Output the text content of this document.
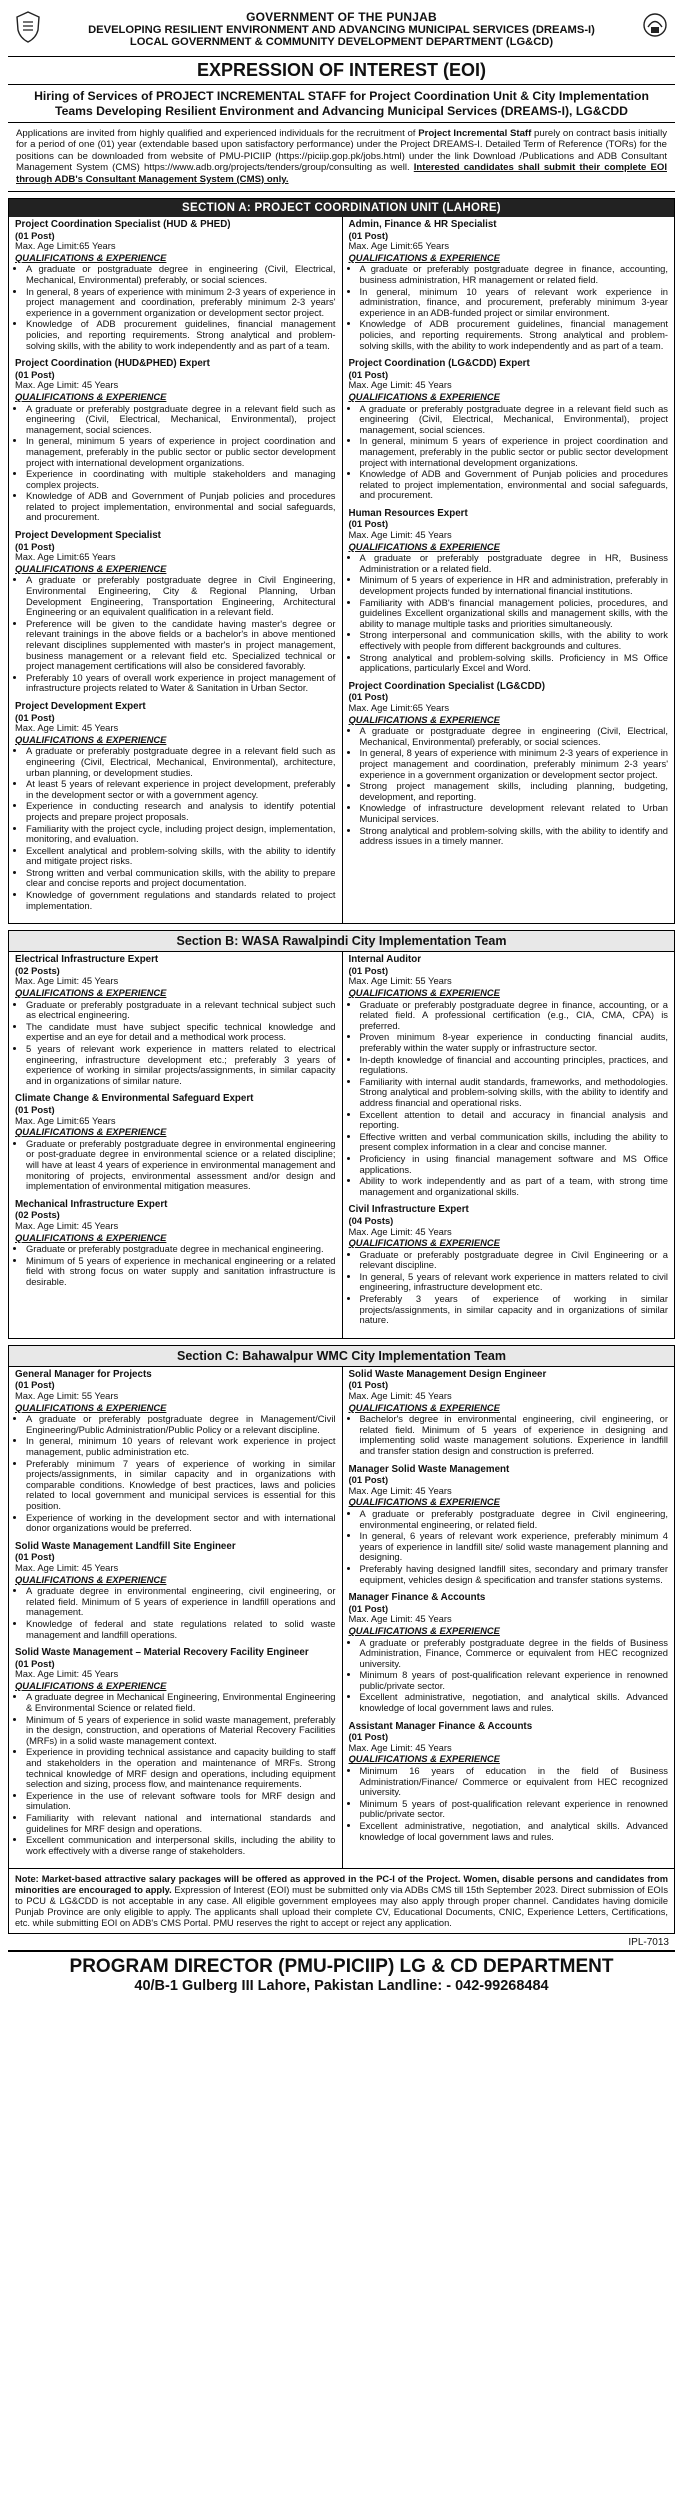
GOVERNMENT OF THE PUNJAB
DEVELOPING RESILIENT ENVIRONMENT AND ADVANCING MUNICIPAL SERVICES (DREAMS-I)
LOCAL GOVERNMENT & COMMUNITY DEVELOPMENT DEPARTMENT (LG&CD)
EXPRESSION OF INTEREST (EOI)
Hiring of Services of PROJECT INCREMENTAL STAFF for Project Coordination Unit & City Implementation Teams Developing Resilient Environment and Advancing Municipal Services (DREAMS-I), LG&CDD
Applications are invited from highly qualified and experienced individuals for the recruitment of Project Incremental Staff purely on contract basis initially for a period of one (01) year (extendable based upon satisfactory performance) under the Project DREAMS-I. Detailed Term of Reference (TORs) for the positions can be downloaded from website of PMU-PICIIP (https://piciip.gop.pk/jobs.html) under the link Download /Publications and ADB Consultant Management System (CMS) https://www.adb.org/projects/tenders/group/consulting as well. Interested candidates shall submit their complete EOI through ADB's Consultant Management System (CMS) only.
SECTION A: PROJECT COORDINATION UNIT (LAHORE)
Project Coordination Specialist (HUD & PHED)
(01 Post)
Max. Age Limit:65 Years
QUALIFICATIONS & EXPERIENCE
• A graduate or postgraduate degree in engineering (Civil, Electrical, Mechanical, Environmental) preferably, or social sciences.
• In general, 8 years of experience with minimum 2-3 years of experience in project management and coordination, preferably minimum 2-3 years' experience in a government organization or development sector project.
• Knowledge of ADB procurement guidelines, financial management policies, and reporting requirements. Strong analytical and problem-solving skills, with the ability to work independently and as part of a team.
Project Coordination (HUD&PHED) Expert
(01 Post)
Max. Age Limit: 45 Years
QUALIFICATIONS & EXPERIENCE
• A graduate or preferably postgraduate degree in a relevant field such as engineering (Civil, Electrical, Mechanical, Environmental), project management, social sciences.
• In general, minimum 5 years of experience in project coordination and management, preferably in the public sector or public sector development project with international development organizations.
• Experience in coordinating with multiple stakeholders and managing complex projects.
• Knowledge of ADB and Government of Punjab policies and procedures related to project implementation, environmental and social safeguards, and procurement.
Project Development Specialist
(01 Post)
Max. Age Limit:65 Years
QUALIFICATIONS & EXPERIENCE
• A graduate or preferably postgraduate degree in Civil Engineering, Environmental Engineering, City & Regional Planning, Urban Development Engineering, Transportation Engineering, Architectural Engineering or an equivalent qualification in a relevant field.
• Preference will be given to the candidate having master's degree or relevant trainings in the above fields or a bachelor's in above mentioned relevant disciplines supplemented with master's in project management, business management or a relevant field etc. Specialized technical or project management certifications will also be considered favorably.
• Preferably 10 years of overall work experience in project management of infrastructure projects related to Water & Sanitation in Urban Sector.
Project Development Expert
(01 Post)
Max. Age Limit: 45 Years
QUALIFICATIONS & EXPERIENCE
• A graduate or preferably postgraduate degree in a relevant field such as engineering (Civil, Electrical, Mechanical, Environmental), architecture, urban planning, or development studies.
• At least 5 years of relevant experience in project development, preferably in the development sector or with a government agency.
• Experience in conducting research and analysis to identify potential projects and prepare project proposals.
• Familiarity with the project cycle, including project design, implementation, monitoring, and evaluation.
• Excellent analytical and problem-solving skills, with the ability to identify and mitigate project risks.
• Strong written and verbal communication skills, with the ability to prepare clear and concise reports and project documentation.
• Knowledge of government regulations and standards related to project implementation.
Admin, Finance & HR Specialist
(01 Post)
Max. Age Limit:65 Years
QUALIFICATIONS & EXPERIENCE
• A graduate or preferably postgraduate degree in finance, accounting, business administration, HR management or related field.
• In general, minimum 10 years of relevant work experience in administration, finance, and procurement, preferably minimum 3-year experience in an ADB-funded project or similar environment.
• Knowledge of ADB procurement guidelines, financial management policies, and reporting requirements. Strong analytical and problem-solving skills, with the ability to work independently and as part of a team.
Project Coordination (LG&CDD) Expert
(01 Post)
Max. Age Limit: 45 Years
QUALIFICATIONS & EXPERIENCE
• A graduate or preferably postgraduate degree in a relevant field such as engineering (Civil, Electrical, Mechanical, Environmental), project management, social sciences.
• In general, minimum 5 years of experience in project coordination and management, preferably in the public sector or public sector development project with international development organizations.
• Knowledge of ADB and Government of Punjab policies and procedures related to project implementation, environmental and social safeguards, and procurement.
Human Resources Expert
(01 Post)
Max. Age Limit: 45 Years
QUALIFICATIONS & EXPERIENCE
• A graduate or preferably postgraduate degree in HR, Business Administration or a related field.
• Minimum of 5 years of experience in HR and administration, preferably in development projects funded by international financial institutions.
• Familiarity with ADB's financial management policies, procedures, and guidelines Excellent organizational skills and management skills, with the ability to manage multiple tasks and priorities simultaneously.
• Strong interpersonal and communication skills, with the ability to work effectively with people from different backgrounds and cultures.
• Strong analytical and problem-solving skills. Proficiency in MS Office applications, particularly Excel and Word.
Project Coordination Specialist (LG&CDD)
(01 Post)
Max. Age Limit:65 Years
QUALIFICATIONS & EXPERIENCE
• A graduate or postgraduate degree in engineering (Civil, Electrical, Mechanical, Environmental) preferably, or social sciences.
• In general, 8 years of experience with minimum 2-3 years of experience in project management and coordination, preferably minimum 2-3 years' experience in a government organization or development sector project.
• Strong project management skills, including planning, budgeting, development, and reporting.
• Knowledge of infrastructure development relevant related to Urban Municipal services.
• Strong analytical and problem-solving skills, with the ability to identify and address issues in a timely manner.
Section B: WASA Rawalpindi City Implementation Team
Electrical Infrastructure Expert
(02 Posts)
Max. Age Limit: 45 Years
QUALIFICATIONS & EXPERIENCE
• Graduate or preferably postgraduate in a relevant technical subject such as electrical engineering.
• The candidate must have subject specific technical knowledge and expertise and an eye for detail and a methodical work process.
• 5 years of relevant work experience in matters related to electrical engineering, infrastructure development etc.; preferably 3 years of experience of working in similar projects/assignments, in similar capacity and in organizations of similar nature.
Climate Change & Environmental Safeguard Expert
(01 Post)
Max. Age Limit:65 Years
QUALIFICATIONS & EXPERIENCE
• Graduate or preferably postgraduate degree in environmental engineering or post-graduate degree in environmental science or a related discipline; will have at least 4 years of experience in environmental management and monitoring of projects, environmental assessment and/or design and implementation of environmental mitigation measures.
Mechanical Infrastructure Expert
(02 Posts)
Max. Age Limit: 45 Years
QUALIFICATIONS & EXPERIENCE
• Graduate or preferably postgraduate degree in mechanical engineering.
• Minimum of 5 years of experience in mechanical engineering or a related field with strong focus on water supply and sanitation infrastructure is desirable.
Internal Auditor
(01 Post)
Max. Age Limit: 55 Years
QUALIFICATIONS & EXPERIENCE
• Graduate or preferably postgraduate degree in finance, accounting, or a related field. A professional certification (e.g., CIA, CMA, CPA) is preferred.
• Proven minimum 8-year experience in conducting financial audits, preferably within the water supply or infrastructure sector.
• In-depth knowledge of financial and accounting principles, practices, and regulations.
• Familiarity with internal audit standards, frameworks, and methodologies. Strong analytical and problem-solving skills, with the ability to identify and address financial and operational risks.
• Excellent attention to detail and accuracy in financial analysis and reporting.
• Effective written and verbal communication skills, including the ability to present complex information in a clear and concise manner.
• Proficiency in using financial management software and MS Office applications.
• Ability to work independently and as part of a team, with strong time management and organizational skills.
Civil Infrastructure Expert
(04 Posts)
Max. Age Limit: 45 Years
QUALIFICATIONS & EXPERIENCE
• Graduate or preferably postgraduate degree in Civil Engineering or a relevant discipline.
• In general, 5 years of relevant work experience in matters related to civil engineering, infrastructure development etc.
• Preferably 3 years of experience of working in similar projects/assignments, in similar capacity and in organizations of similar nature.
Section C: Bahawalpur WMC City Implementation Team
General Manager for Projects
(01 Post)
Max. Age Limit: 55 Years
QUALIFICATIONS & EXPERIENCE
• A graduate or preferably postgraduate degree in Management/Civil Engineering/Public Administration/Public Policy or a relevant discipline.
• In general, minimum 10 years of relevant work experience in project management, public administration etc.
• Preferably minimum 7 years of experience of working in similar projects/assignments, in similar capacity and in organizations with comparable conditions. Knowledge of best practices, laws and policies related to local government and municipal services is essential for this position.
• Experience of working in the development sector and with international donor organizations would be preferred.
Solid Waste Management Landfill Site Engineer
(01 Post)
Max. Age Limit: 45 Years
QUALIFICATIONS & EXPERIENCE
• A graduate degree in environmental engineering, civil engineering, or related field. Minimum of 5 years of experience in landfill operations and management.
• Knowledge of federal and state regulations related to solid waste management and landfill operations.
Solid Waste Management – Material Recovery Facility Engineer
(01 Post)
Max. Age Limit: 45 Years
QUALIFICATIONS & EXPERIENCE
• A graduate degree in Mechanical Engineering, Environmental Engineering & Environmental Science or related field.
• Minimum of 5 years of experience in solid waste management, preferably in the design, construction, and operations of Material Recovery Facilities (MRFs) in a solid waste management context.
• Experience in providing technical assistance and capacity building to staff and stakeholders in the operation and maintenance of MRFs. Strong technical knowledge of MRF design and operations, including equipment selection and sizing, process flow, and maintenance requirements.
• Experience in the use of relevant software tools for MRF design and simulation.
• Familiarity with relevant national and international standards and guidelines for MRF design and operations.
• Excellent communication and interpersonal skills, including the ability to work effectively with a diverse range of stakeholders.
Solid Waste Management Design Engineer
(01 Post)
Max. Age Limit: 45 Years
QUALIFICATIONS & EXPERIENCE
• Bachelor's degree in environmental engineering, civil engineering, or related field. Minimum of 5 years of experience in designing and implementing solid waste management solutions. Experience in landfill and transfer station design and construction is preferred.
Manager Solid Waste Management
(01 Post)
Max. Age Limit: 45 Years
QUALIFICATIONS & EXPERIENCE
• A graduate or preferably postgraduate degree in Civil engineering, environmental engineering, or related field.
• In general, 6 years of relevant work experience, preferably minimum 4 years of experience in landfill site/ solid waste management planning and designing.
• Preferably having designed landfill sites, secondary and primary transfer equipment, vehicles design & specification and transfer stations systems.
Manager Finance & Accounts
(01 Post)
Max. Age Limit: 45 Years
QUALIFICATIONS & EXPERIENCE
• A graduate or preferably postgraduate degree in the fields of Business Administration, Finance, Commerce or equivalent from HEC recognized university.
• Minimum 8 years of post-qualification relevant experience in renowned public/private sector.
• Excellent administrative, negotiation, and analytical skills. Advanced knowledge of local government laws and rules.
Assistant Manager Finance & Accounts
(01 Post)
Max. Age Limit: 45 Years
QUALIFICATIONS & EXPERIENCE
• Minimum 16 years of education in the field of Business Administration/Finance/ Commerce or equivalent from HEC recognized university.
• Minimum 5 years of post-qualification relevant experience in renowned public/private sector.
• Excellent administrative, negotiation, and analytical skills. Advanced knowledge of local government laws and rules.
Note: Market-based attractive salary packages will be offered as approved in the PC-I of the Project. Women, disable persons and candidates from minorities are encouraged to apply. Expression of Interest (EOI) must be submitted only via ADBs CMS till 15th September 2023. Direct submission of EOIs to PCU & LG&CDD is not acceptable in any case. All eligible government employees may also apply through proper channel. Candidates having domicile Punjab Province are only eligible to apply. The applicants shall upload their complete CV, Educational Documents, CNIC, Experience Letters, Certifications, etc. while submitting EOI on ADB's CMS Portal. PMU reserves the right to accept or reject any application.
IPL-7013
PROGRAM DIRECTOR (PMU-PICIIP) LG & CD DEPARTMENT
40/B-1 Gulberg III Lahore, Pakistan Landline: - 042-99268484
